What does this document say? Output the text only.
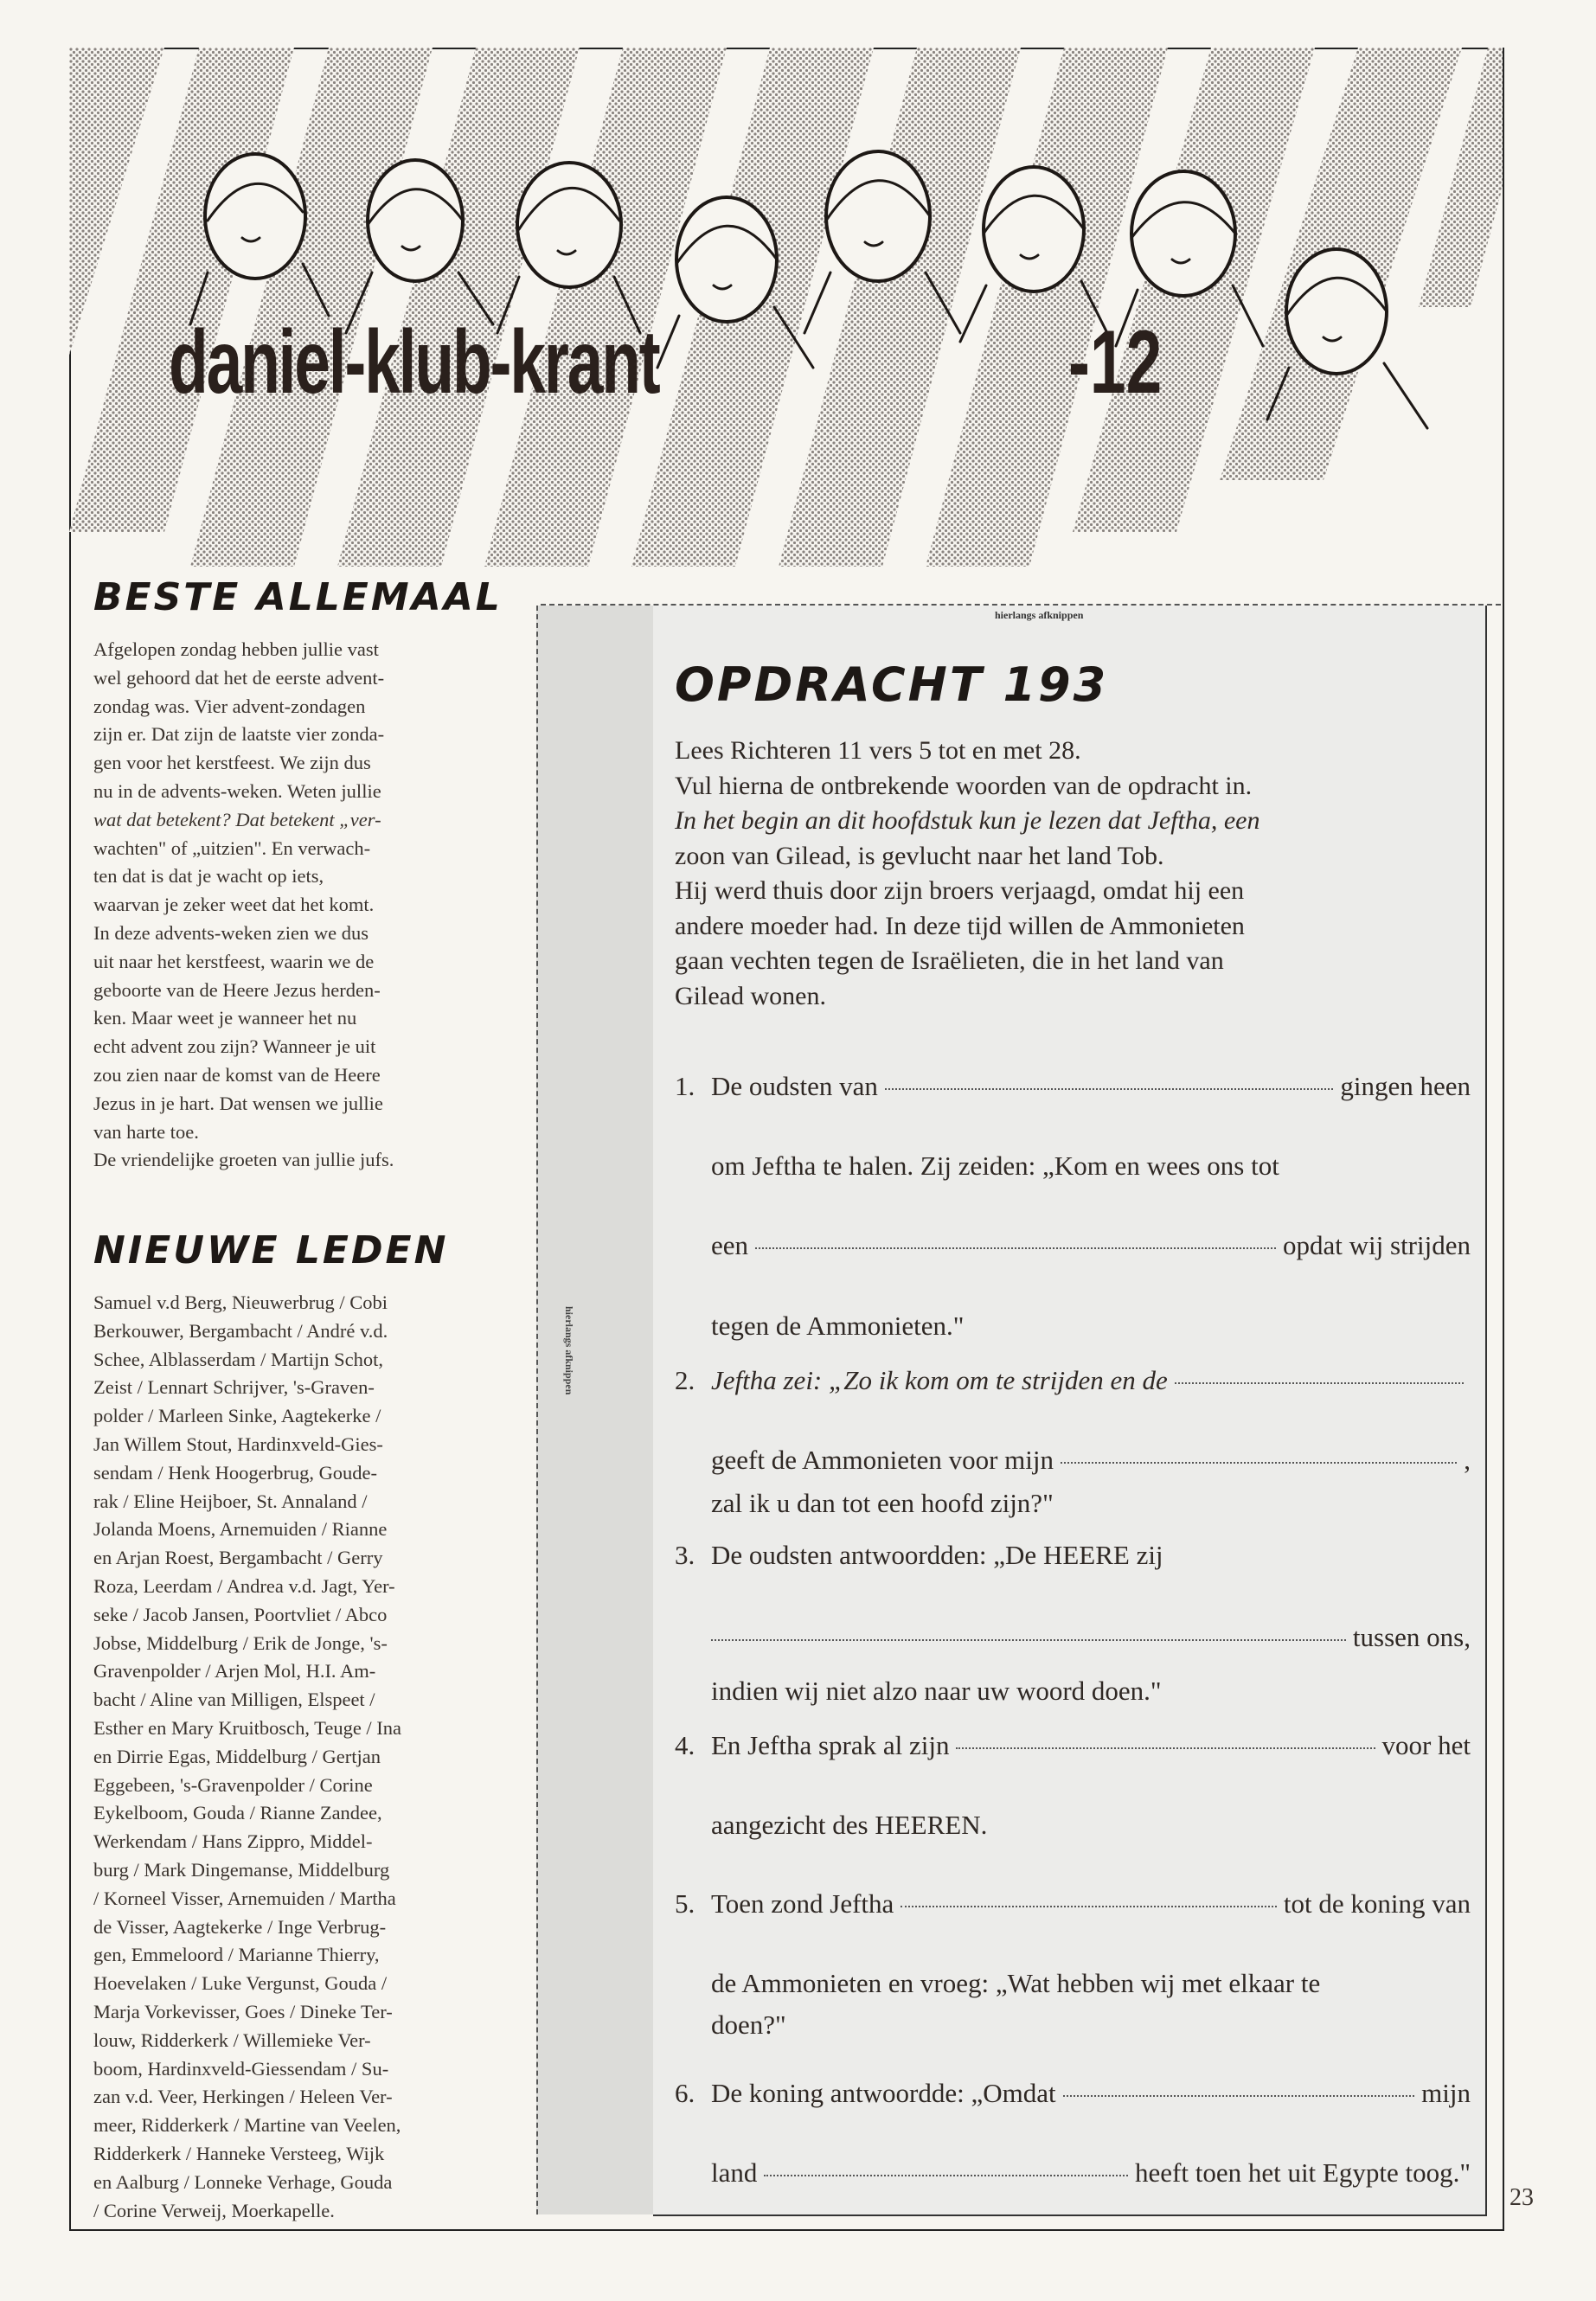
daniel-klub-krant	-12
BESTE ALLEMAAL
Afgelopen zondag hebben jullie vast
wel gehoord dat het de eerste advent-
zondag was. Vier advent-zondagen
zijn er. Dat zijn de laatste vier zonda-
gen voor het kerstfeest. We zijn dus
nu in de advents-weken. Weten jullie
wat dat betekent? Dat betekent „ver-
wachten" of „uitzien". En verwach-
ten dat is dat je wacht op iets,
waarvan je zeker weet dat het komt.
In deze advents-weken zien we dus
uit naar het kerstfeest, waarin we de
geboorte van de Heere Jezus herden-
ken. Maar weet je wanneer het nu
echt advent zou zijn? Wanneer je uit
zou zien naar de komst van de Heere
Jezus in je hart. Dat wensen we jullie
van harte toe.
De vriendelijke groeten van jullie jufs.
NIEUWE LEDEN
Samuel v.d Berg, Nieuwerbrug / Cobi
Berkouwer, Bergambacht / André v.d.
Schee, Alblasserdam / Martijn Schot,
Zeist / Lennart Schrijver, 's-Graven-
polder / Marleen Sinke, Aagtekerke /
Jan Willem Stout, Hardinxveld-Gies-
sendam / Henk Hoogerbrug, Goude-
rak / Eline Heijboer, St. Annaland /
Jolanda Moens, Arnemuiden / Rianne
en Arjan Roest, Bergambacht / Gerry
Roza, Leerdam / Andrea v.d. Jagt, Yer-
seke / Jacob Jansen, Poortvliet / Abco
Jobse, Middelburg / Erik de Jonge, 's-
Gravenpolder / Arjen Mol, H.I. Am-
bacht / Aline van Milligen, Elspeet /
Esther en Mary Kruitbosch, Teuge / Ina
en Dirrie Egas, Middelburg / Gertjan
Eggebeen, 's-Gravenpolder / Corine
Eykelboom, Gouda / Rianne Zandee,
Werkendam / Hans Zippro, Middel-
burg / Mark Dingemanse, Middelburg
/ Korneel Visser, Arnemuiden / Martha
de Visser, Aagtekerke / Inge Verbrug-
gen, Emmeloord / Marianne Thierry,
Hoevelaken / Luke Vergunst, Gouda /
Marja Vorkevisser, Goes / Dineke Ter-
louw, Ridderkerk / Willemieke Ver-
boom, Hardinxveld-Giessendam / Su-
zan v.d. Veer, Herkingen / Heleen Ver-
meer, Ridderkerk / Martine van Veelen,
Ridderkerk / Hanneke Versteeg, Wijk
en Aalburg / Lonneke Verhage, Gouda
/ Corine Verweij, Moerkapelle.
hierlangs afknippen
hierlangs afknippen
OPDRACHT 193
Lees Richteren 11 vers 5 tot en met 28.
Vul hierna de ontbrekende woorden van de opdracht in.
In het begin an dit hoofdstuk kun je lezen dat Jeftha, een
zoon van Gilead, is gevlucht naar het land Tob.
Hij werd thuis door zijn broers verjaagd, omdat hij een
andere moeder had. In deze tijd willen de Ammonieten
gaan vechten tegen de Israëlieten, die in het land van
Gilead wonen.
1. De oudsten van	gingen heen
om Jeftha te halen. Zij zeiden: „Kom en wees ons tot
een	opdat wij strijden
tegen de Ammonieten."
2. Jeftha zei: „Zo ik kom om te strijden en de
geeft de Ammonieten voor mijn	,
zal ik u dan tot een hoofd zijn?"
3. De oudsten antwoordden: „De HEERE zij
tussen ons,
indien wij niet alzo naar uw woord doen."
4. En Jeftha sprak al zijn	voor het
aangezicht des HEEREN.
5. Toen zond Jeftha	tot de koning van
de Ammonieten en vroeg: „Wat hebben wij met elkaar te
doen?"
6. De koning antwoordde: „Omdat	mijn
land	heeft toen het uit Egypte toog."
23
